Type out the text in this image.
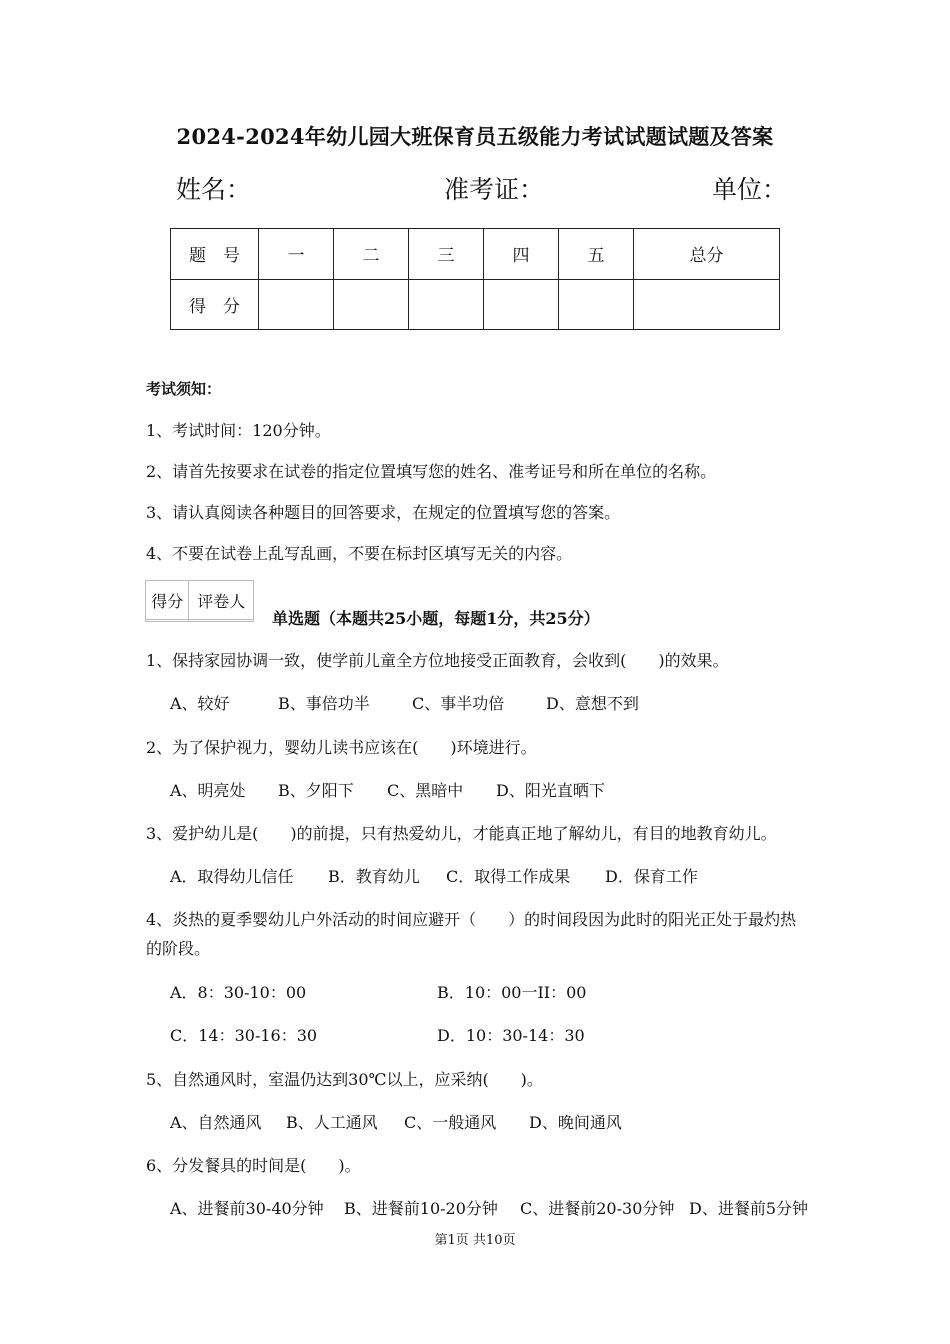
2024-2024年幼儿园大班保育员五级能力考试试题试题及答案
姓名：	准考证：	单位：
题　号	一	二	三	四	五	总分
得　分						
考试须知：
1、考试时间：120分钟。
2、请首先按要求在试卷的指定位置填写您的姓名、准考证号和所在单位的名称。
3、请认真阅读各种题目的回答要求，在规定的位置填写您的答案。
4、不要在试卷上乱写乱画，不要在标封区填写无关的内容。
得分	评卷人

单选题（本题共25小题，每题1分，共25分）
1、保持家园协调一致，使学前儿童全方位地接受正面教育，会收到(　　)的效果。
A、较好	B、事倍功半	C、事半功倍	D、意想不到
2、为了保护视力，婴幼儿读书应该在(　　)环境进行。
A、明亮处 B、夕阳下 C、黑暗中 D、阳光直晒下
3、爱护幼儿是(　　)的前提，只有热爱幼儿，才能真正地了解幼儿，有目的地教育幼儿。
A．取得幼儿信任 B．教育幼儿 C．取得工作成果 D．保育工作
4、炎热的夏季婴幼儿户外活动的时间应避开（　　）的时间段因为此时的阳光正处于最灼热
的阶段。
A．8：30-10：00	B．10：00一II：00
C．14：30-16：30	D．10：30-14：30
5、自然通风时，室温仍达到30℃以上，应采纳(　　)。
A、自然通风 B、人工通风 C、一般通风 D、晚间通风
6、分发餐具的时间是(　　)。
A、进餐前30-40分钟 B、进餐前10-20分钟 C、进餐前20-30分钟 D、进餐前5分钟
第1页 共10页
